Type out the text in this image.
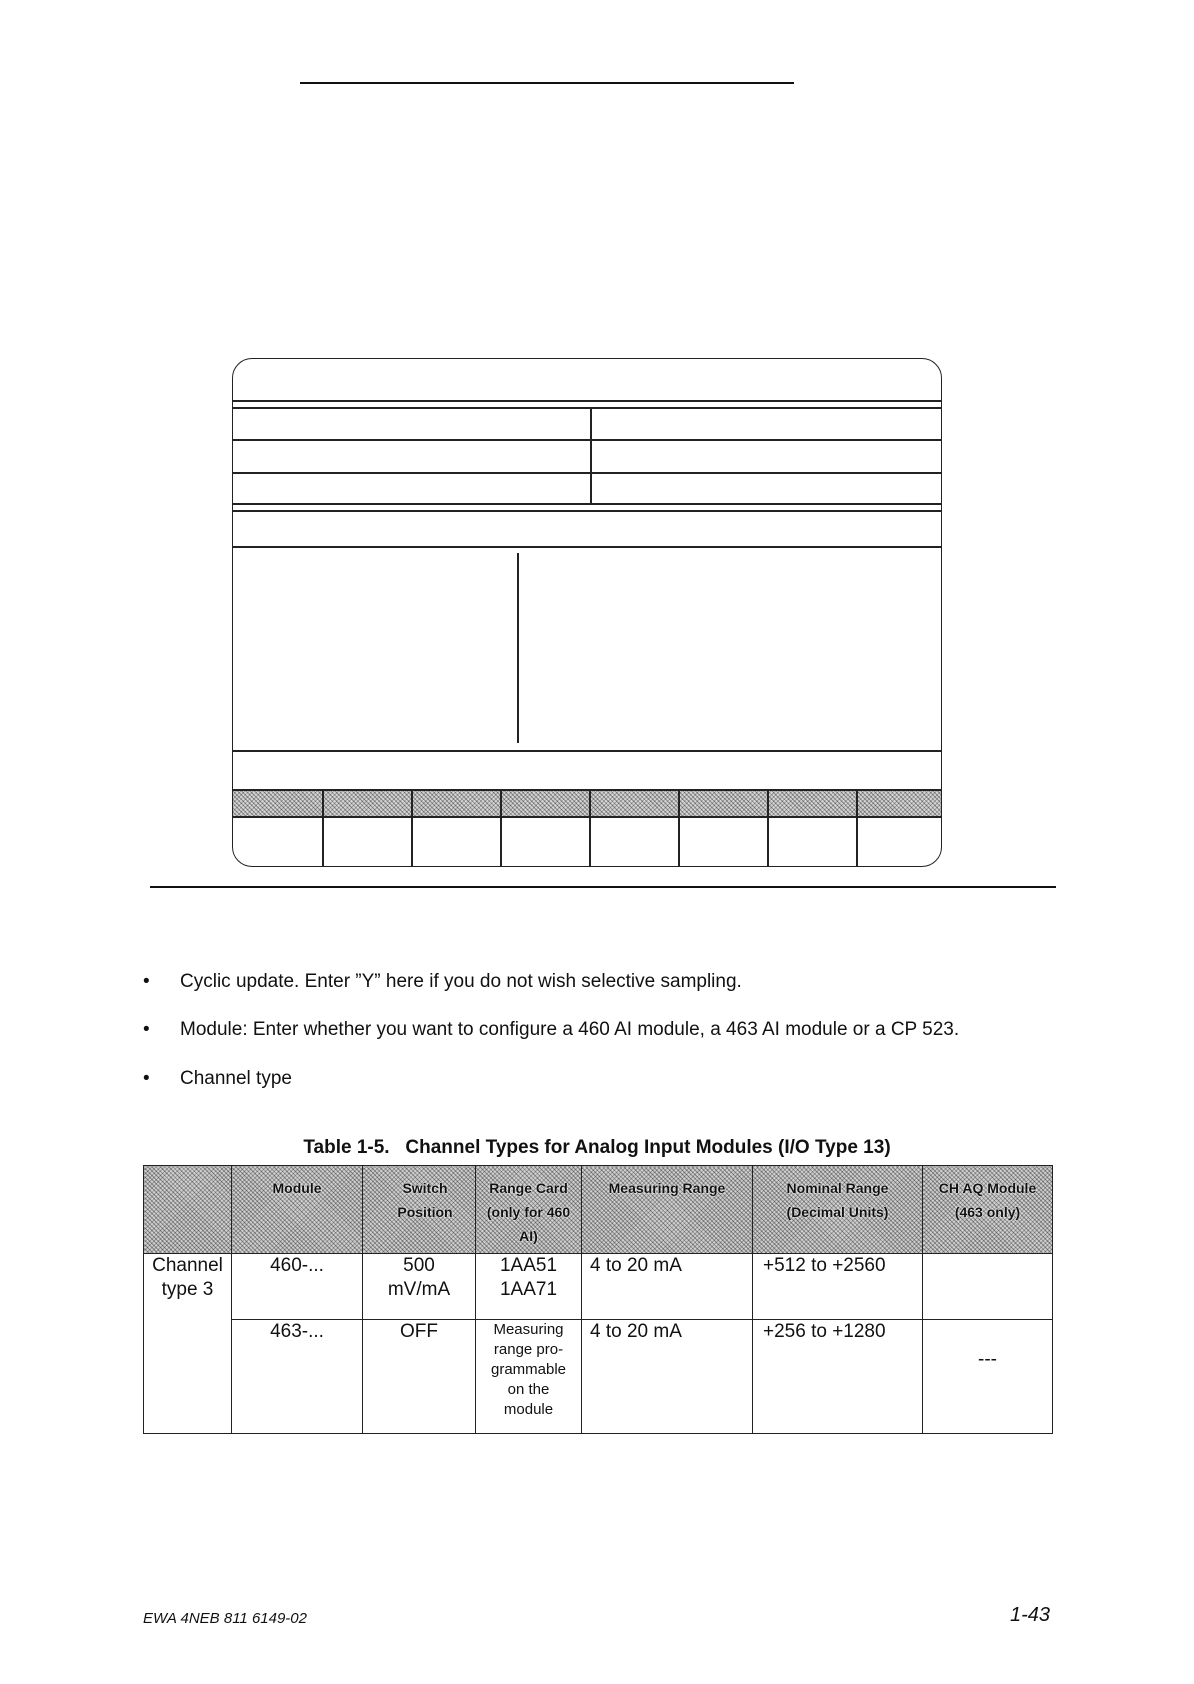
• Cyclic update. Enter ”Y” here if you do not wish selective sampling.
• Module: Enter whether you want to configure a 460 AI module, a 463 AI module or a CP 523.
• Channel type
Table 1-5.   Channel Types for Analog Input Modules (I/O Type 13)
	Module	Switch Position	Range Card (only for 460 AI)	Measuring Range	Nominal Range (Decimal Units)	CH AQ Module (463 only)
Channel type 3	460-...	500 mV/mA	1AA51 1AA71	4 to 20 mA	+512 to +2560	
	463-...	OFF	Measuring range pro-grammable on the module	4 to 20 mA	+256 to +1280	---
EWA 4NEB 811 6149-02	1-43
